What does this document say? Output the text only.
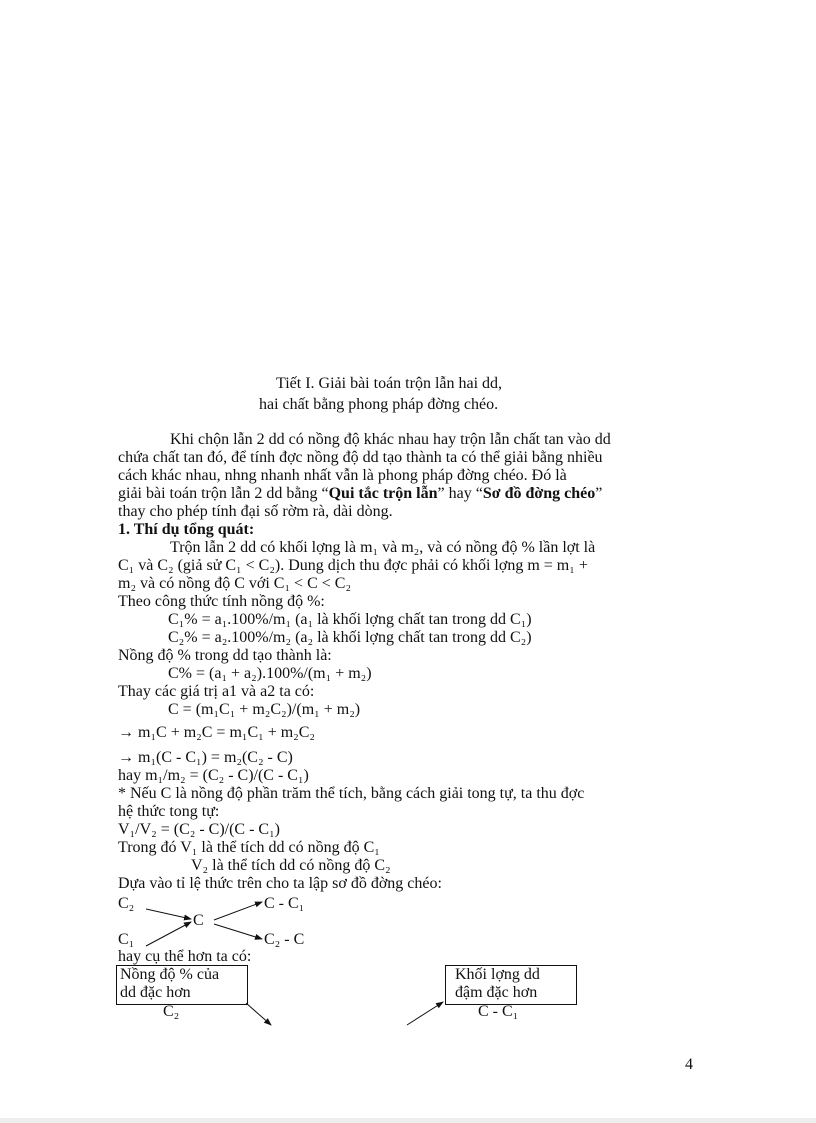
Tiết I. Giải bài toán trộn lẫn hai dd,
hai chất bằng phong pháp đờng chéo.
Khi chộn lẫn 2 dd có nồng độ khác nhau hay trộn lẫn chất tan vào dd
chứa chất tan đó, để tính đợc nồng độ dd tạo thành ta có thể giải bằng nhiều
cách khác nhau, nhng nhanh nhất vẫn là phong pháp đờng chéo. Đó là
giải bài toán trộn lẫn 2 dd bằng “Qui tắc trộn lẫn” hay “Sơ đồ đờng chéo”
thay cho phép tính đại số rờm rà, dài dòng.
1. Thí dụ tổng quát:
Trộn lẫn 2 dd có khối lợng là m₁ và m₂, và có nồng độ % lần lợt là
C₁ và C₂ (giả sử C₁ < C₂). Dung dịch thu đợc phải có khối lợng m = m₁ +
m₂ và có nồng độ C với C₁ < C < C₂
Theo công thức tính nồng độ %:
C₁% = a₁.100%/m₁ (a₁ là khối lợng chất tan trong dd C₁)
C₂% = a₂.100%/m₂ (a₂ là khối lợng chất tan trong dd C₂)
Nồng độ % trong dd tạo thành là:
C% = (a₁ + a₂).100%/(m₁ + m₂)
Thay các giá trị a1 và a2 ta có:
C = (m₁C₁ + m₂C₂)/(m₁ + m₂)
→ m₁C + m₂C = m₁C₁ + m₂C₂
→ m₁(C - C₁) = m₂(C₂ - C)
hay m₁/m₂ = (C₂ - C)/(C - C₁)
* Nếu C là nồng độ phần trăm thể tích, bằng cách giải tong tự, ta thu đợc
hệ thức tong tự:
V₁/V₂ = (C₂ - C)/(C - C₁)
Trong đó V₁ là thể tích dd có nồng độ C₁
V₂ là thể tích dd có nồng độ C₂
Dựa vào tỉ lệ thức trên cho ta lập sơ đồ đờng chéo:
C₂
C
C - C₁
C₁	C₂ - C
hay cụ thể hơn ta có:
Nồng độ % của
dd đặc hơn
C₂
Khối lợng dd
đậm đặc hơn
C - C₁
4
